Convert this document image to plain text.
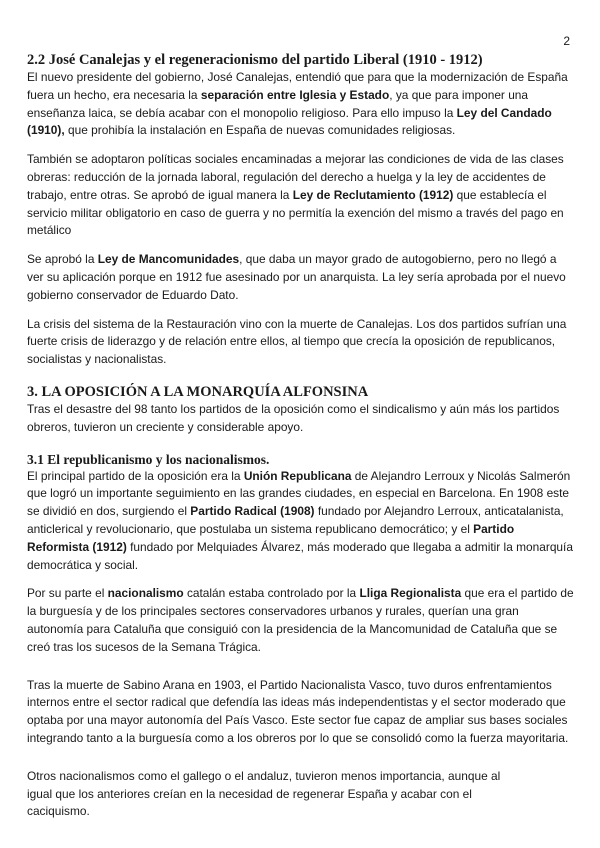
2
2.2 José Canalejas y el regeneracionismo del partido Liberal (1910 - 1912)

El nuevo presidente del gobierno, José Canalejas, entendió que para que la modernización de España fuera un hecho, era necesaria la separación entre Iglesia y Estado, ya que para imponer una enseñanza laica, se debía acabar con el monopolio religioso. Para ello impuso la Ley del Candado (1910), que prohibía la instalación en España de nuevas comunidades religiosas.

También se adoptaron políticas sociales encaminadas a mejorar las condiciones de vida de las clases obreras: reducción de la jornada laboral, regulación del derecho a huelga y la ley de accidentes de trabajo, entre otras. Se aprobó de igual manera la Ley de Reclutamiento (1912) que establecía el servicio militar obligatorio en caso de guerra y no permitía la exención del mismo a través del pago en metálico

Se aprobó la Ley de Mancomunidades, que daba un mayor grado de autogobierno, pero no llegó a ver su aplicación porque en 1912 fue asesinado por un anarquista. La ley sería aprobada por el nuevo gobierno conservador de Eduardo Dato.

La crisis del sistema de la Restauración vino con la muerte de Canalejas. Los dos partidos sufrían una fuerte crisis de liderazgo y de relación entre ellos, al tiempo que crecía la oposición de republicanos, socialistas y nacionalistas.

3. LA OPOSICIÓN A LA MONARQUÍA ALFONSINA

Tras el desastre del 98 tanto los partidos de la oposición como el sindicalismo y aún más los partidos obreros, tuvieron un creciente y considerable apoyo.

3.1 El republicanismo y los nacionalismos.

El principal partido de la oposición era la Unión Republicana de Alejandro Lerroux y Nicolás Salmerón que logró un importante seguimiento en las grandes ciudades, en especial en Barcelona. En 1908 este se dividió en dos, surgiendo el Partido Radical (1908) fundado por Alejandro Lerroux, anticatalanista, anticlerical y revolucionario, que postulaba un sistema republicano democrático; y el Partido Reformista (1912) fundado por Melquiades Álvarez, más moderado que llegaba a admitir la monarquía democrática y social.

Por su parte el nacionalismo catalán estaba controlado por la Lliga Regionalista que era el partido de la burguesía y de los principales sectores conservadores urbanos y rurales, querían una gran autonomía para Cataluña que consiguió con la presidencia de la Mancomunidad de Cataluña que se creó tras los sucesos de la Semana Trágica.

Tras la muerte de Sabino Arana en 1903, el Partido Nacionalista Vasco, tuvo duros enfrentamientos internos entre el sector radical que defendía las ideas más independentistas y el sector moderado que optaba por una mayor autonomía del País Vasco. Este sector fue capaz de ampliar sus bases sociales integrando tanto a la burguesía como a los obreros por lo que se consolidó como la fuerza mayoritaria.

Otros nacionalismos como el gallego o el andaluz, tuvieron menos importancia, aunque al igual que los anteriores creían en la necesidad de regenerar España y acabar con el caciquismo.
